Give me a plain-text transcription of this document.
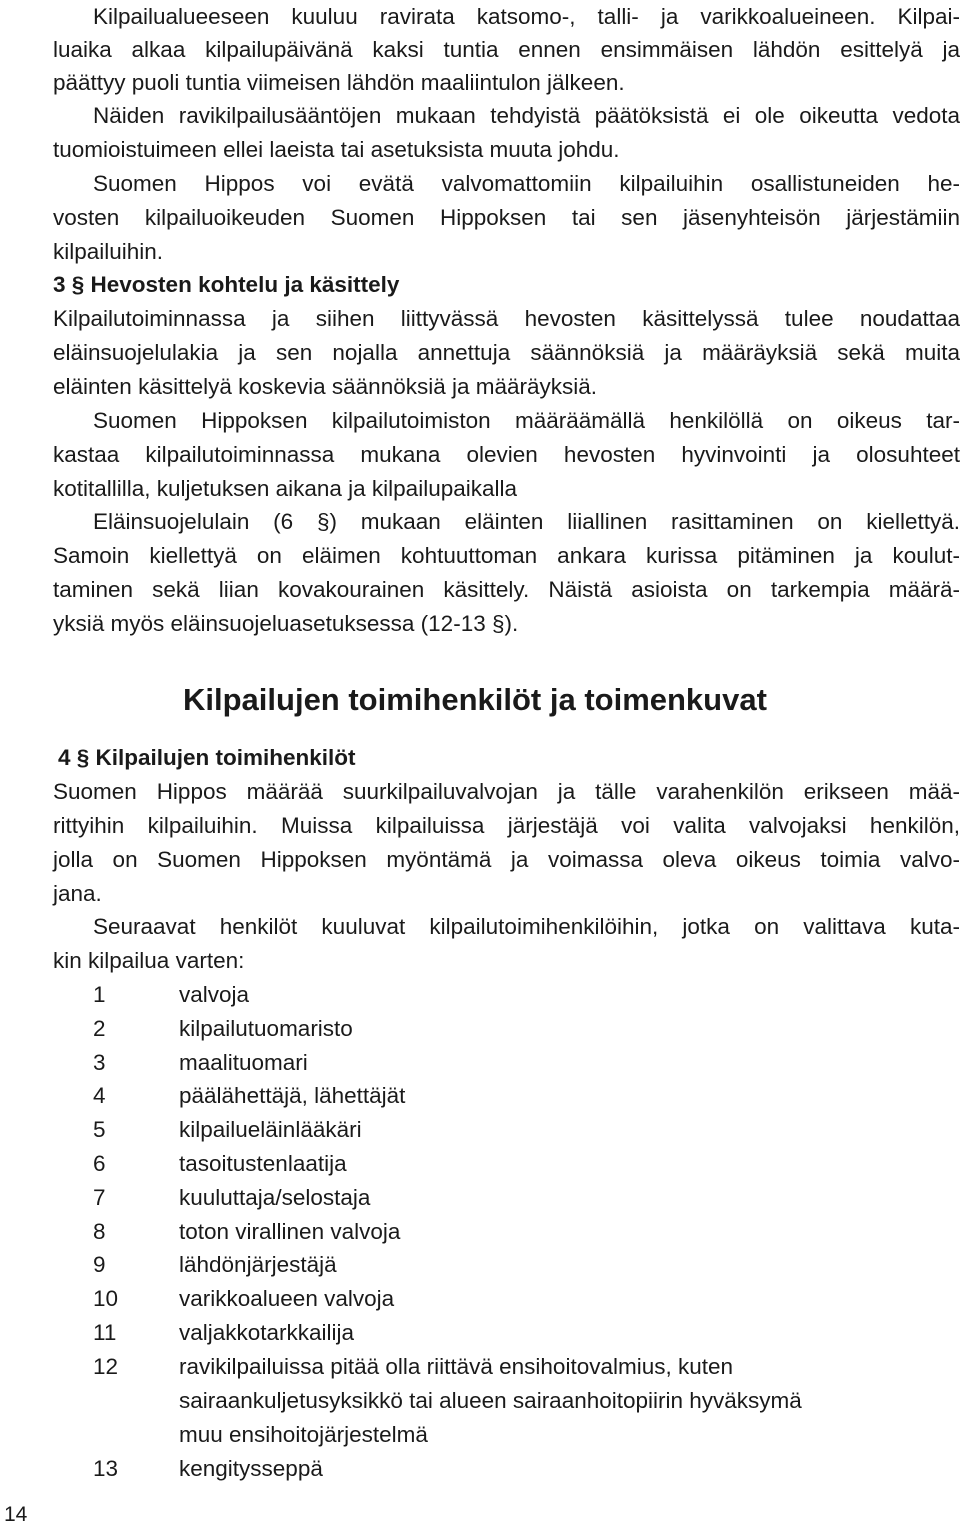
Kilpailualueeseen kuuluu ravirata katsomo-, talli- ja varikkoalueineen. Kilpai-

luaika alkaa kilpailupäivänä kaksi tuntia ennen ensimmäisen lähdön esittelyä ja

päättyy puoli tuntia viimeisen lähdön maaliintulon jälkeen.

Näiden ravikilpailusääntöjen mukaan tehdyistä päätöksistä ei ole oikeutta vedota

tuomioistuimeen ellei laeista tai asetuksista muuta johdu.

Suomen Hippos voi evätä valvomattomiin kilpailuihin osallistuneiden he-

vosten kilpailuoikeuden Suomen Hippoksen tai sen jäsenyhteisön järjestämiin

kilpailuihin.

3 § Hevosten kohtelu ja käsittely

Kilpailutoiminnassa ja siihen liittyvässä hevosten käsittelyssä tulee noudattaa

eläinsuojelulakia ja sen nojalla annettuja säännöksiä ja määräyksiä sekä muita

eläinten käsittelyä koskevia säännöksiä ja määräyksiä.

Suomen Hippoksen kilpailutoimiston määräämällä henkilöllä on oikeus tar-

kastaa kilpailutoiminnassa mukana olevien hevosten hyvinvointi ja olosuhteet

kotitallilla, kuljetuksen aikana ja kilpailupaikalla

Eläinsuojelulain (6 §) mukaan eläinten liiallinen rasittaminen on kiellettyä.

Samoin kiellettyä on eläimen kohtuuttoman ankara kurissa pitäminen ja koulut-

taminen sekä liian kovakourainen käsittely. Näistä asioista on tarkempia määrä-

yksiä myös eläinsuojeluasetuksessa (12-13 §).

Kilpailujen toimihenkilöt ja toimenkuvat

4 § Kilpailujen toimihenkilöt

Suomen Hippos määrää suurkilpailuvalvojan ja tälle varahenkilön erikseen mää-

rittyihin kilpailuihin. Muissa kilpailuissa järjestäjä voi valita valvojaksi henkilön,

jolla on Suomen Hippoksen myöntämä ja voimassa oleva oikeus toimia valvo-

jana.

Seuraavat henkilöt kuuluvat kilpailutoimihenkilöihin, jotka on valittava kuta-

kin kilpailua varten:

1	valvoja
2	kilpailutuomaristo
3	maalituomari
4	päälähettäjä, lähettäjät
5	kilpailueläinlääkäri
6	tasoitustenlaatija
7	kuuluttaja/selostaja
8	toton virallinen valvoja
9	lähdönjärjestäjä
10	varikkoalueen valvoja
11	valjakkotarkkailija
12	ravikilpailuissa pitää olla riittävä ensihoitovalmius, kuten
sairaankuljetusyksikkö tai alueen sairaanhoitopiirin hyväksymä
muu ensihoitojärjestelmä
13	kengitysseppä
14
